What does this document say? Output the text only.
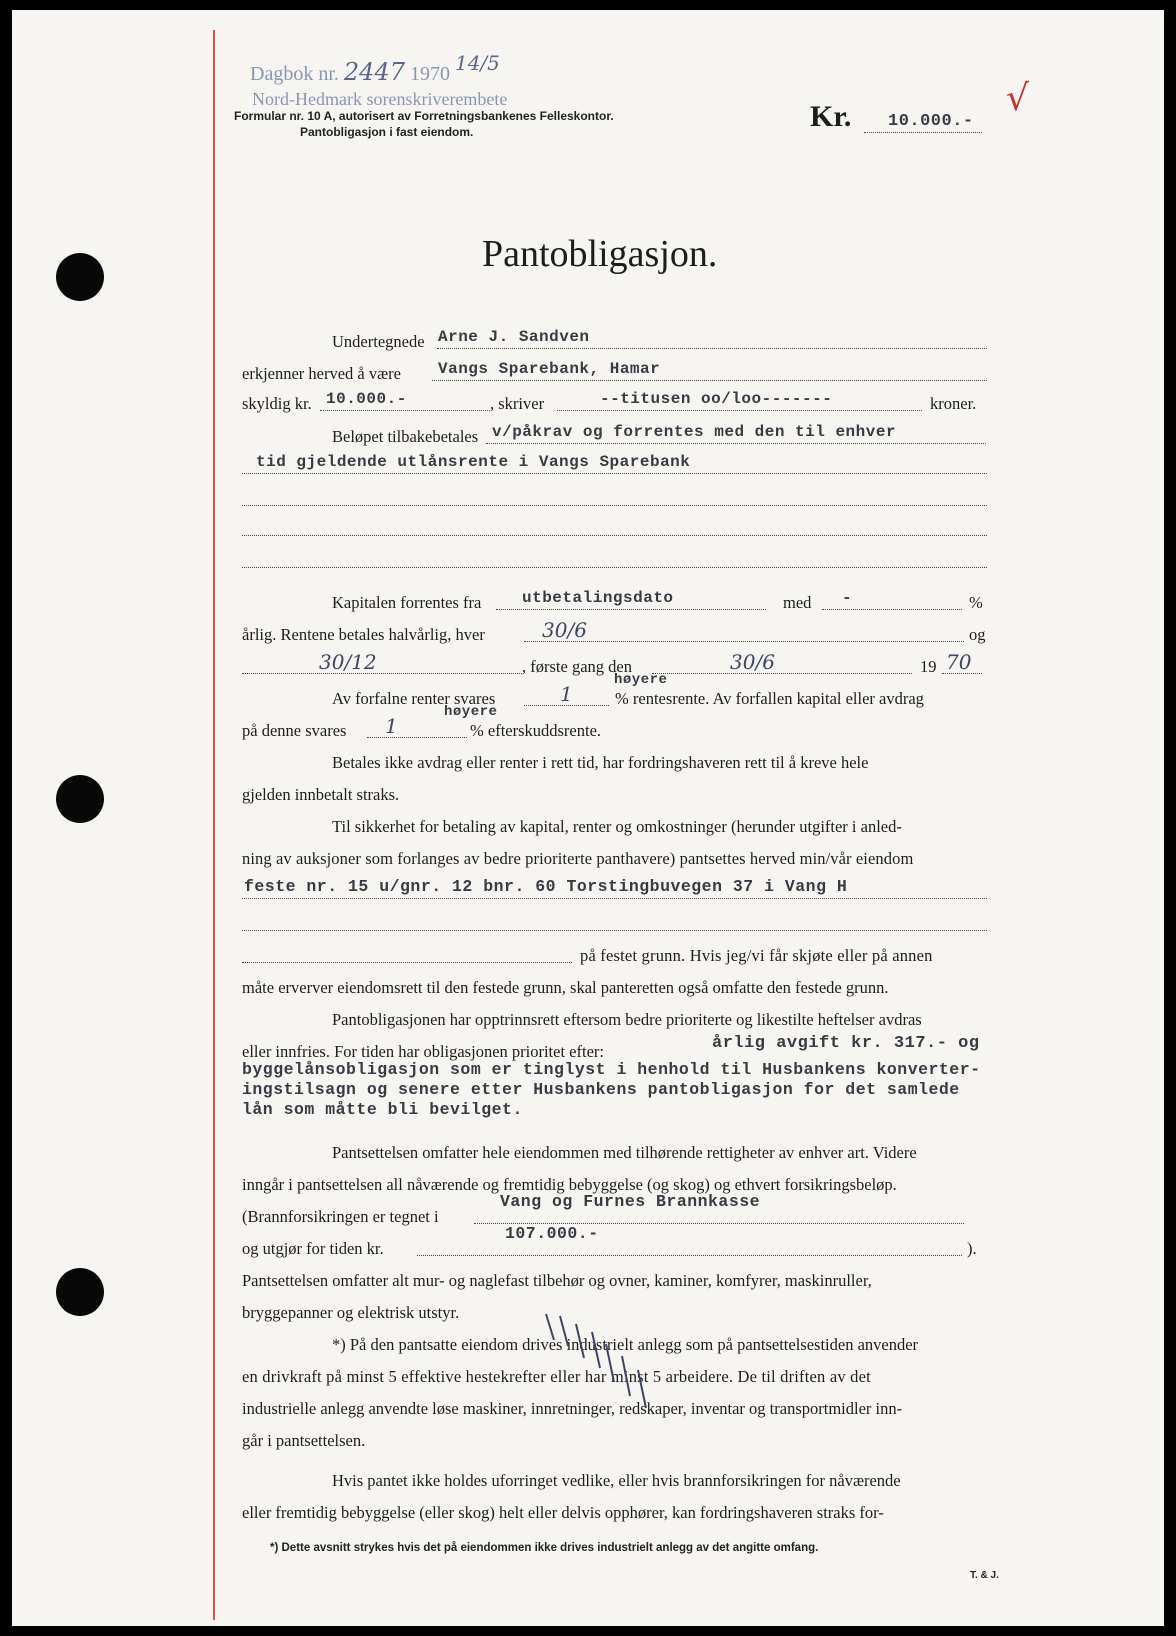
Dagbok nr. 2447 1970 14/5
Nord-Hedmark sorenskriverembete
Formular nr. 10 A, autorisert av Forretningsbankenes Felleskontor.
Pantobligasjon i fast eiendom.	Kr. 10.000.-
√
Pantobligasjon.
Undertegnede Arne J. Sandven
erkjenner herved å være Vangs Sparebank, Hamar
skyldig kr. 10.000.-	, skriver	--titusen oo/loo-------	kroner.
Beløpet tilbakebetales v/påkrav og forrentes med den til enhver
tid gjeldende utlånsrente i Vangs Sparebank
Kapitalen forrentes fra	utbetalingsdato	med -	%
årlig. Rentene betales halvårlig, hver	30/6	og
30/12	, første gang den	30/6	19 70
Av forfalne renter svares	1
høyere
% rentesrente. Av forfallen kapital eller avdrag
på denne svares 1
høyere
% efterskuddsrente.
Betales ikke avdrag eller renter i rett tid, har fordringshaveren rett til å kreve hele
gjelden innbetalt straks.
Til sikkerhet for betaling av kapital, renter og omkostninger (herunder utgifter i anled-
ning av auksjoner som forlanges av bedre prioriterte panthavere) pantsettes herved min/vår eiendom
feste nr. 15 u/gnr. 12 bnr. 60 Torstingbuvegen 37 i Vang H
på festet grunn. Hvis jeg/vi får skjøte eller på annen
måte erverver eiendomsrett til den festede grunn, skal panteretten også omfatte den festede grunn.
Pantobligasjonen har opptrinnsrett eftersom bedre prioriterte og likestilte heftelser avdras
eller innfries. For tiden har obligasjonen prioritet efter:	årlig avgift kr. 317.- og
byggelånsobligasjon som er tinglyst i henhold til Husbankens konverter-
ingstilsagn og senere etter Husbankens pantobligasjon for det samlede
lån som måtte bli bevilget.
Pantsettelsen omfatter hele eiendommen med tilhørende rettigheter av enhver art. Videre
inngår i pantsettelsen all nåværende og fremtidig bebyggelse (og skog) og ethvert forsikringsbeløp.
(Brannforsikringen er tegnet i
Vang og Furnes Brannkasse
og utgjør for tiden kr.
107.000.-
).
Pantsettelsen omfatter alt mur- og naglefast tilbehør og ovner, kaminer, komfyrer, maskinruller,
bryggepanner og elektrisk utstyr.
*) På den pantsatte eiendom drives industrielt anlegg som på pantsettelsestiden anvender
en drivkraft på minst 5 effektive hestekrefter eller har minst 5 arbeidere. De til driften av det
industrielle anlegg anvendte løse maskiner, innretninger, redskaper, inventar og transportmidler inn-
går i pantsettelsen.
Hvis pantet ikke holdes uforringet vedlike, eller hvis brannforsikringen for nåværende
eller fremtidig bebyggelse (eller skog) helt eller delvis opphører, kan fordringshaveren straks for-
*) Dette avsnitt strykes hvis det på eiendommen ikke drives industrielt anlegg av det angitte omfang.
T. & J.
